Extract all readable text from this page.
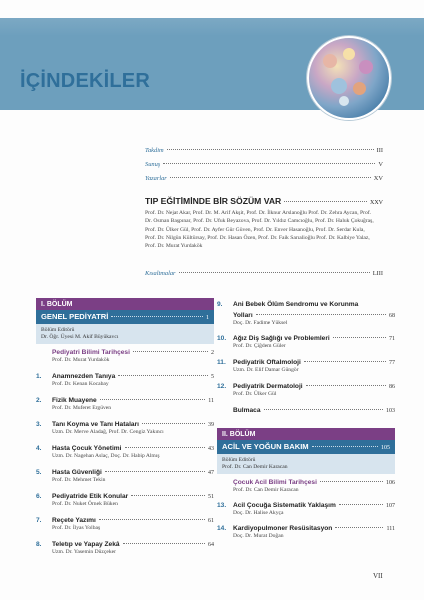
İÇİNDEKİLER
Takdim	III
Sunuş	V
Yazarlar	XV
TIP EĞİTİMİNDE BİR SÖZÜM VAR	XXV
Prof. Dr. Nejat Akar, Prof. Dr. M. Arif Akşit, Prof. Dr. İlknur Arslanoğlu Prof. Dr. Zehra Aycan, Prof. Dr. Osman Başpınar, Prof. Dr. Ufuk Beyazova, Prof. Dr. Yıldız Camcıoğlu, Prof. Dr. Haluk Çokuğraş, Prof. Dr. Ülker Gül, Prof. Dr. Ayfer Gür Güven, Prof. Dr. Enver Hasanoğlu, Prof. Dr. Serdar Kula, Prof. Dr. Nilgün Kültürsay, Prof. Dr. Hasan Özen, Prof. Dr. Faik Sarıalioğlu Prof. Dr. Kalbiye Yalaz, Prof. Dr. Murat Yurdakök
Kısaltmalar	LIII
I. BÖLÜM
GENEL PEDİYATRİ	1
Bölüm Editörü
Dr. Öğr. Üyesi M. Akif Büyükavcı
Pediyatri Bilimi Tarihçesi	2
Prof. Dr. Murat Yurdakök
1.	Anamnezden Tanıya	5
Prof. Dr. Kenan Kocabay
2.	Fizik Muayene	11
Prof. Dr. Muferet Ergüven
3.	Tanı Koyma ve Tanı Hataları	39
Uzm. Dr. Merve Aladağ, Prof. Dr. Cengiz Yakıncı
4.	Hasta Çocuk Yönetimi	43
Uzm. Dr. Nagehan Aslaç, Doç. Dr. Habip Almış
5.	Hasta Güvenliği	47
Prof. Dr. Mehmet Tekin
6.	Pediyatride Etik Konular	51
Prof. Dr. Nuket Örnek Büken
7.	Reçete Yazımı	61
Prof. Dr. İlyas Yolbaş
8.	Teletıp ve Yapay Zekâ	64
Uzm. Dr. Yasemin Düzçeker
9.	Ani Bebek Ölüm Sendromu ve Korunma
Yolları	68
Doç. Dr. Fadime Yüksel
10.	Ağız Diş Sağlığı ve Problemleri	71
Prof. Dr. Çiğdem Güler
11.	Pediyatrik Oftalmoloji	77
Uzm. Dr. Elif Damar Güngör
12.	Pediyatrik Dermatoloji	86
Prof. Dr. Ülker Gül
Bulmaca	103
II. BÖLÜM
ACİL VE YOĞUN BAKIM	105
Bölüm Editörü
Prof. Dr. Can Demir Karacan
Çocuk Acil Bilimi Tarihçesi	106
Prof. Dr. Can Demir Karacan
13.	Acil Çocuğa Sistematik Yaklaşım	107
Doç. Dr. Halise Akyça
14.	Kardiyopulmoner Resüsitasyon	111
Doç. Dr. Murat Doğan
VII
